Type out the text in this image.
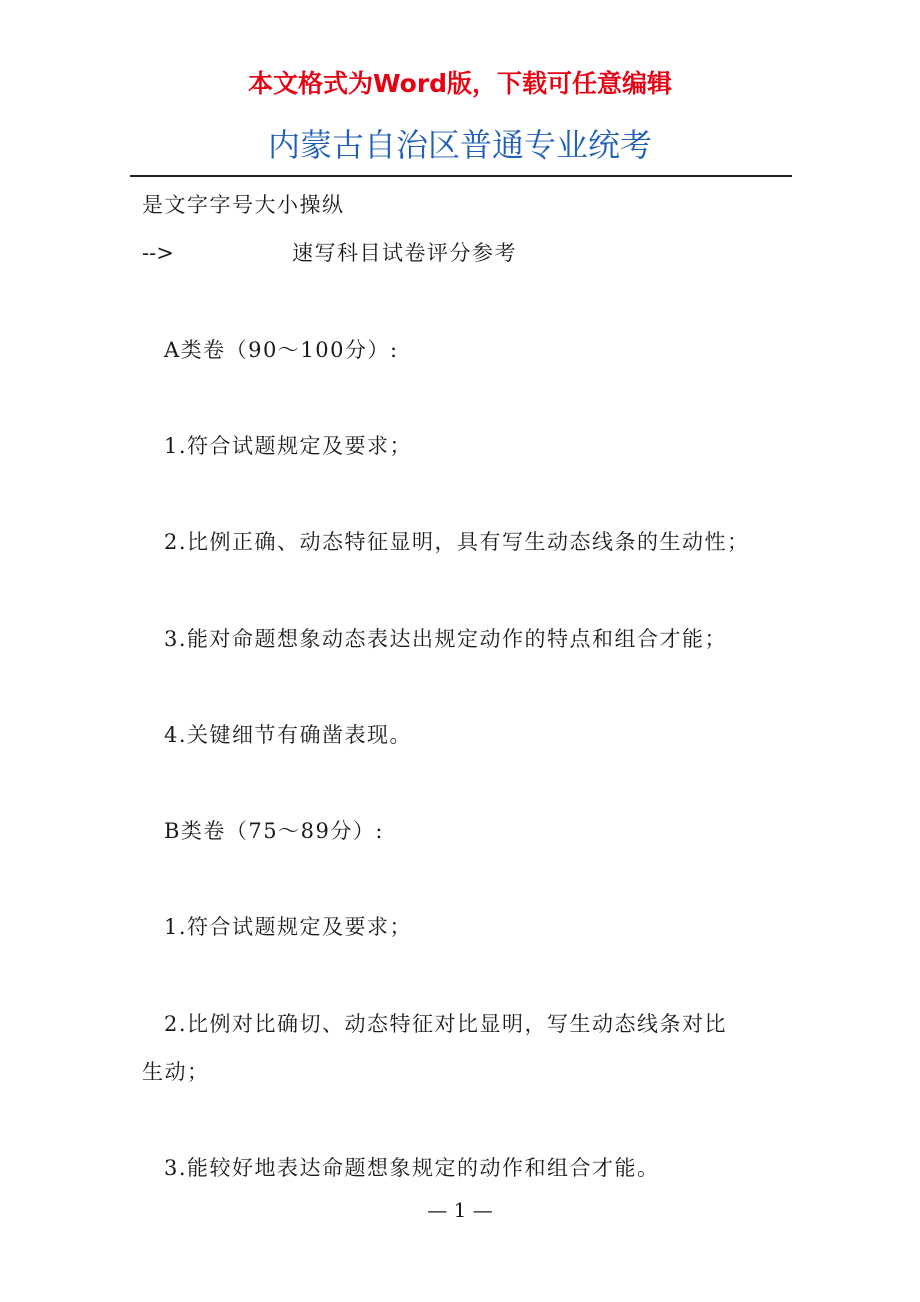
本文格式为Word版，下载可任意编辑
内蒙古自治区普通专业统考
是文字字号大小操纵
-->	速写科目试卷评分参考
A类卷（90～100分）:
1.符合试题规定及要求；
2.比例正确、动态特征显明，具有写生动态线条的生动性；
3.能对命题想象动态表达出规定动作的特点和组合才能；
4.关键细节有确凿表现。
B类卷（75～89分）:
1.符合试题规定及要求；
2.比例对比确切、动态特征对比显明，写生动态线条对比
生动；
3.能较好地表达命题想象规定的动作和组合才能。
— 1 —
